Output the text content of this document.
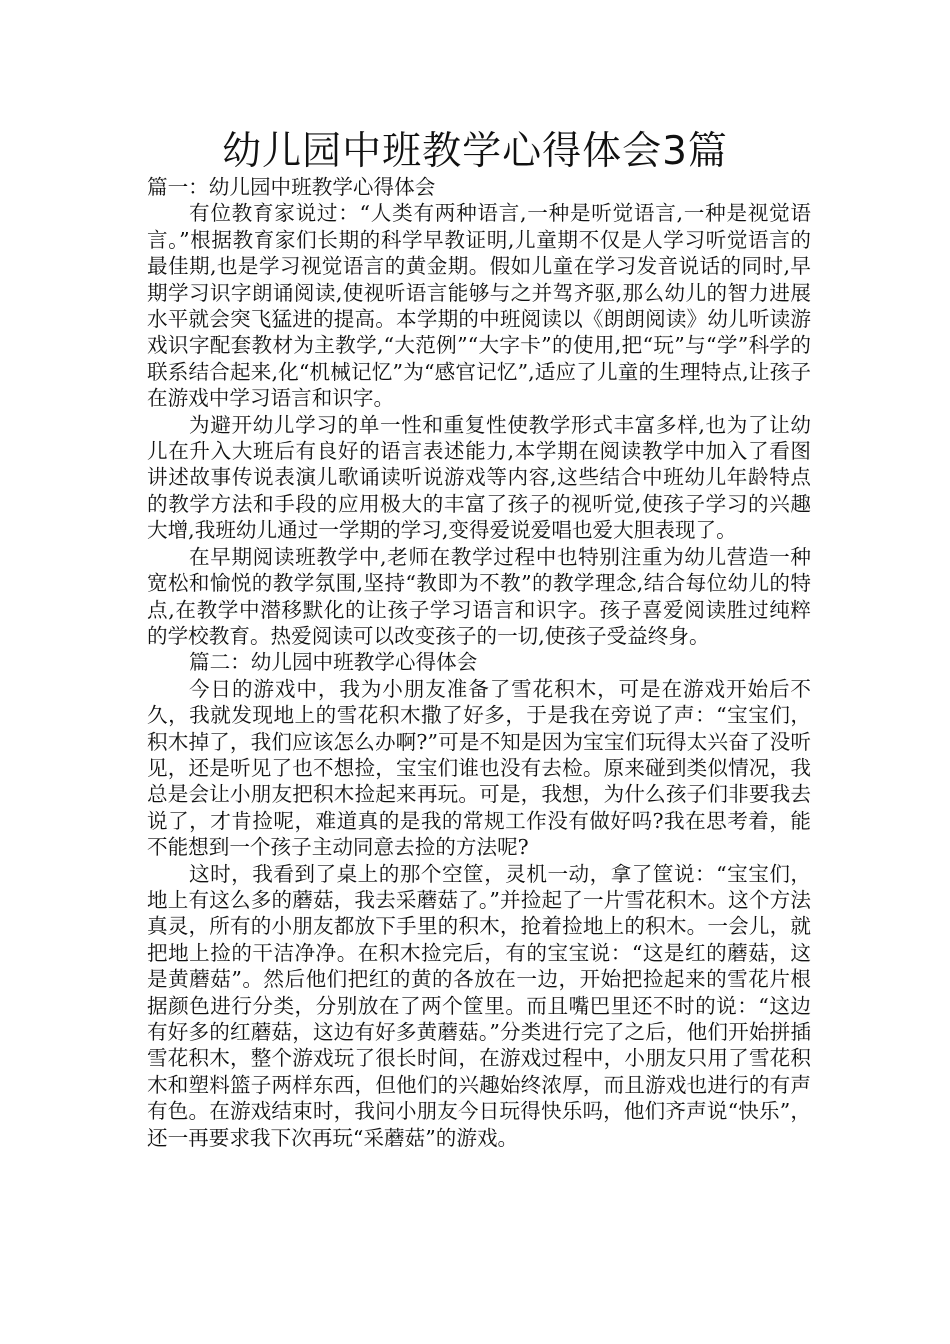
幼儿园中班教学心得体会3篇

篇一：幼儿园中班教学心得体会

有位教育家说过：“人类有两种语言,一种是听觉语言,一种是视觉语言。”根据教育家们长期的科学早教证明,儿童期不仅是人学习听觉语言的最佳期,也是学习视觉语言的黄金期。假如儿童在学习发音说话的同时,早期学习识字朗诵阅读,使视听语言能够与之并驾齐驱,那么幼儿的智力进展水平就会突飞猛进的提高。本学期的中班阅读以《朗朗阅读》幼儿听读游戏识字配套教材为主教学,“大范例”“大字卡”的使用,把“玩”与“学”科学的联系结合起来,化“机械记忆”为“感官记忆”,适应了儿童的生理特点,让孩子在游戏中学习语言和识字。

为避开幼儿学习的单一性和重复性使教学形式丰富多样,也为了让幼儿在升入大班后有良好的语言表述能力,本学期在阅读教学中加入了看图讲述故事传说表演儿歌诵读听说游戏等内容,这些结合中班幼儿年龄特点的教学方法和手段的应用极大的丰富了孩子的视听觉,使孩子学习的兴趣大增,我班幼儿通过一学期的学习,变得爱说爱唱也爱大胆表现了。

在早期阅读班教学中,老师在教学过程中也特别注重为幼儿营造一种宽松和愉悦的教学氛围,坚持“教即为不教”的教学理念,结合每位幼儿的特点,在教学中潜移默化的让孩子学习语言和识字。孩子喜爱阅读胜过纯粹的学校教育。热爱阅读可以改变孩子的一切,使孩子受益终身。

篇二：幼儿园中班教学心得体会

今日的游戏中，我为小朋友准备了雪花积木，可是在游戏开始后不久，我就发现地上的雪花积木撒了好多，于是我在旁说了声：“宝宝们，积木掉了，我们应该怎么办啊?”可是不知是因为宝宝们玩得太兴奋了没听见，还是听见了也不想捡，宝宝们谁也没有去检。原来碰到类似情况，我总是会让小朋友把积木捡起来再玩。可是，我想，为什么孩子们非要我去说了，才肯捡呢，难道真的是我的常规工作没有做好吗?我在思考着，能不能想到一个孩子主动同意去捡的方法呢?

这时，我看到了桌上的那个空筐，灵机一动，拿了筐说：“宝宝们，地上有这么多的蘑菇，我去采蘑菇了。”并捡起了一片雪花积木。这个方法真灵，所有的小朋友都放下手里的积木，抢着捡地上的积木。一会儿，就把地上捡的干洁净净。在积木捡完后，有的宝宝说：“这是红的蘑菇，这是黄蘑菇”。然后他们把红的黄的各放在一边，开始把捡起来的雪花片根据颜色进行分类，分别放在了两个筐里。而且嘴巴里还不时的说：“这边有好多的红蘑菇，这边有好多黄蘑菇。”分类进行完了之后，他们开始拼插雪花积木，整个游戏玩了很长时间，在游戏过程中，小朋友只用了雪花积木和塑料篮子两样东西，但他们的兴趣始终浓厚，而且游戏也进行的有声有色。在游戏结束时，我问小朋友今日玩得快乐吗，他们齐声说“快乐”，还一再要求我下次再玩“采蘑菇”的游戏。
